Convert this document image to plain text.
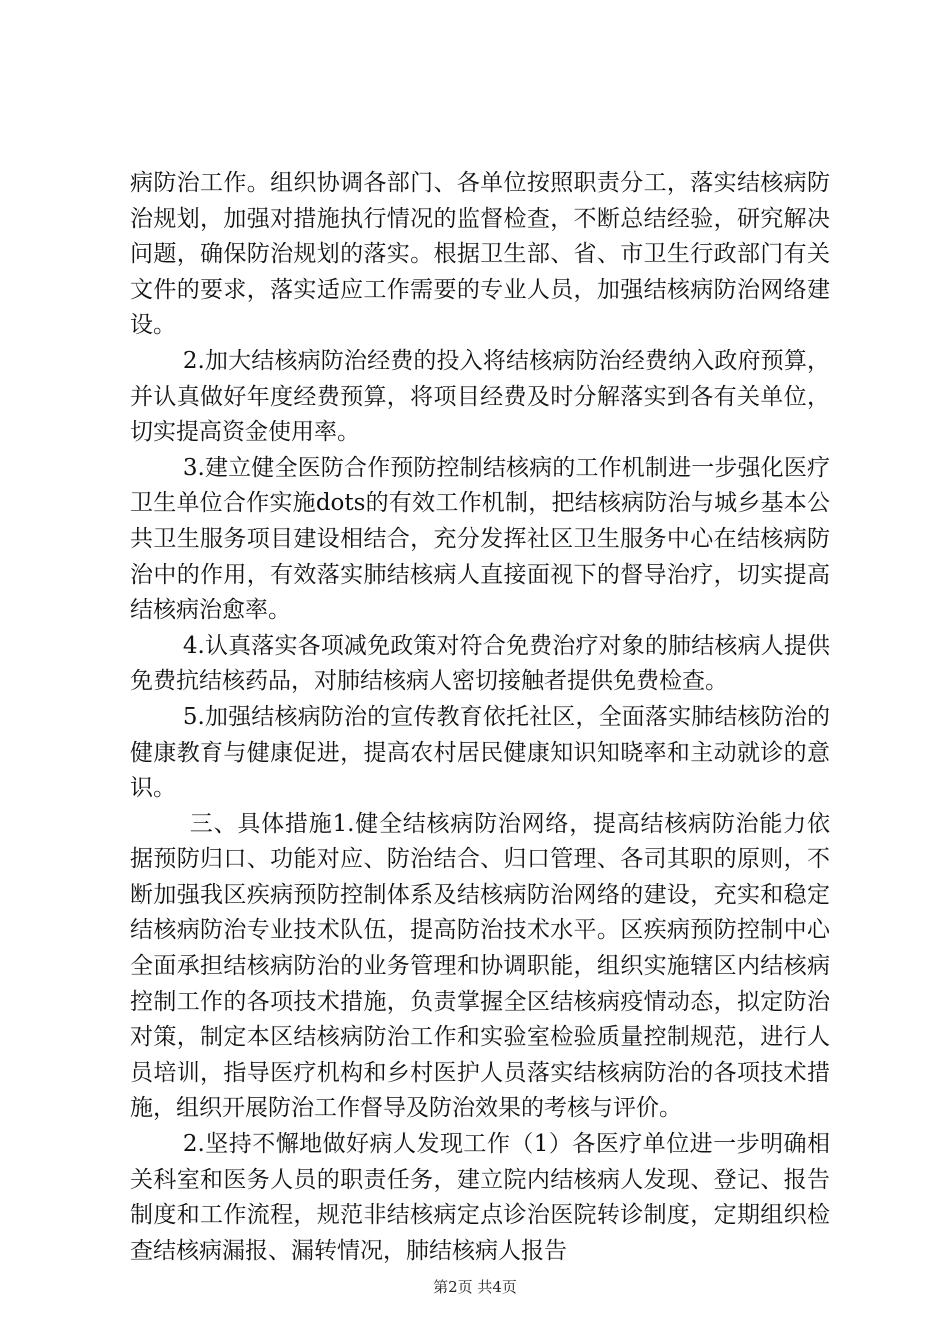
病防治工作。组织协调各部门、各单位按照职责分工，落实结核病防治规划，加强对措施执行情况的监督检查，不断总结经验，研究解决问题，确保防治规划的落实。根据卫生部、省、市卫生行政部门有关文件的要求，落实适应工作需要的专业人员，加强结核病防治网络建设。

2.加大结核病防治经费的投入将结核病防治经费纳入政府预算，并认真做好年度经费预算，将项目经费及时分解落实到各有关单位，切实提高资金使用率。

3.建立健全医防合作预防控制结核病的工作机制进一步强化医疗卫生单位合作实施dots的有效工作机制，把结核病防治与城乡基本公共卫生服务项目建设相结合，充分发挥社区卫生服务中心在结核病防治中的作用，有效落实肺结核病人直接面视下的督导治疗，切实提高结核病治愈率。

4.认真落实各项减免政策对符合免费治疗对象的肺结核病人提供免费抗结核药品，对肺结核病人密切接触者提供免费检查。

5.加强结核病防治的宣传教育依托社区，全面落实肺结核防治的健康教育与健康促进，提高农村居民健康知识知晓率和主动就诊的意识。

三、具体措施1.健全结核病防治网络，提高结核病防治能力依据预防归口、功能对应、防治结合、归口管理、各司其职的原则，不断加强我区疾病预防控制体系及结核病防治网络的建设，充实和稳定结核病防治专业技术队伍，提高防治技术水平。区疾病预防控制中心全面承担结核病防治的业务管理和协调职能，组织实施辖区内结核病控制工作的各项技术措施，负责掌握全区结核病疫情动态，拟定防治对策，制定本区结核病防治工作和实验室检验质量控制规范，进行人员培训，指导医疗机构和乡村医护人员落实结核病防治的各项技术措施，组织开展防治工作督导及防治效果的考核与评价。

2.坚持不懈地做好病人发现工作（1）各医疗单位进一步明确相关科室和医务人员的职责任务，建立院内结核病人发现、登记、报告制度和工作流程，规范非结核病定点诊治医院转诊制度，定期组织检查结核病漏报、漏转情况，肺结核病人报告

第2页 共4页
